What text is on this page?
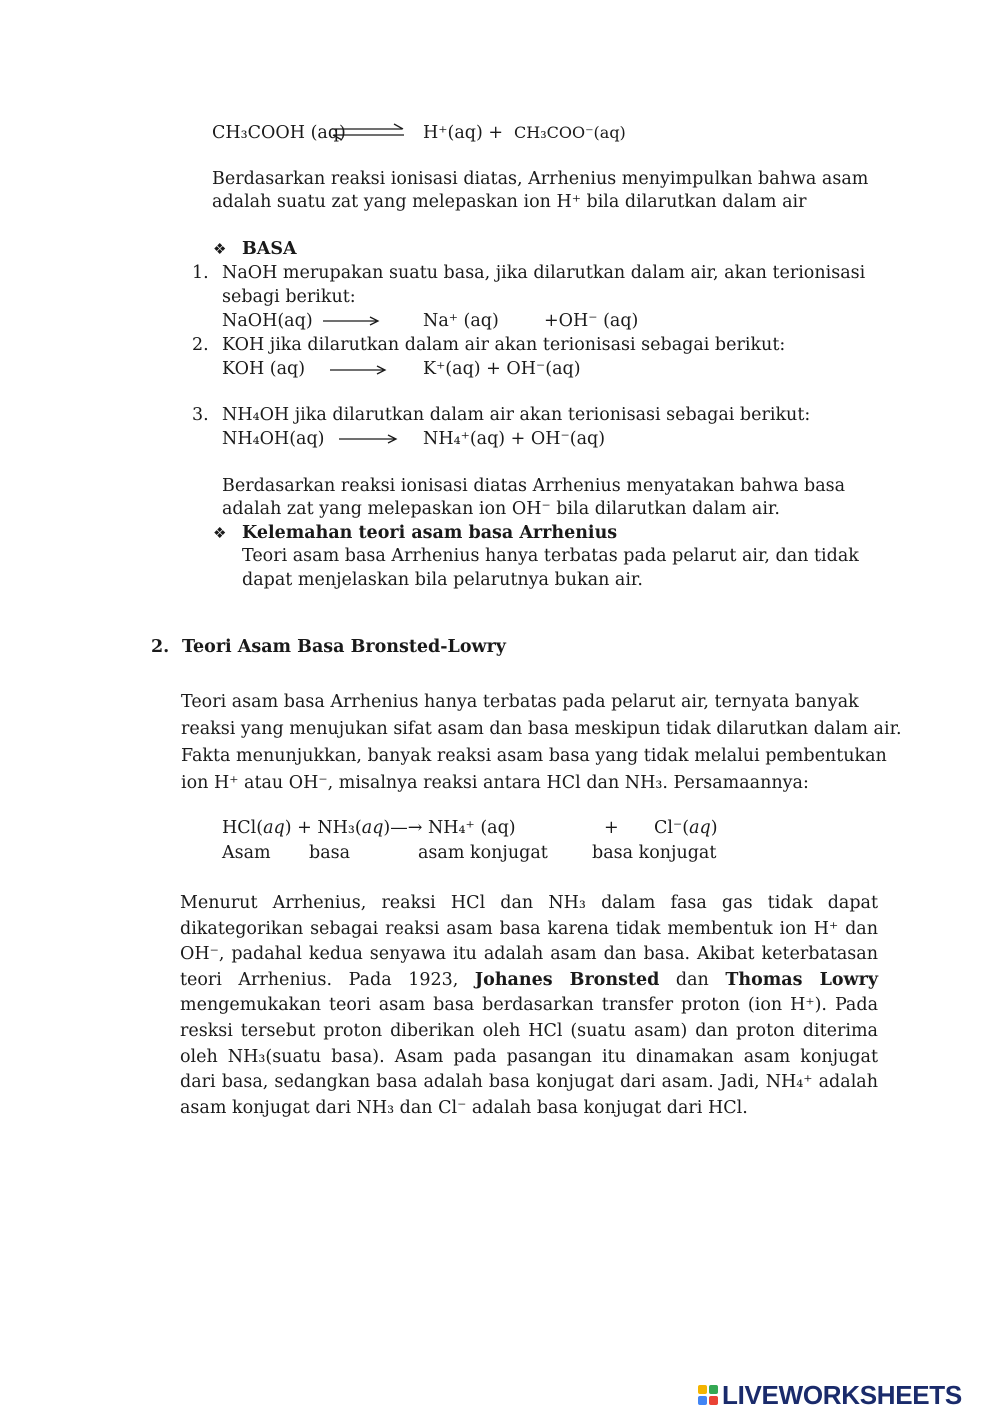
CH₃COOH (aq)	H⁺(aq) + CH₃COO⁻(aq)
Berdasarkan reaksi ionisasi diatas, Arrhenius menyimpulkan bahwa asam
adalah suatu zat yang melepaskan ion H⁺ bila dilarutkan dalam air
❖ BASA
1. NaOH merupakan suatu basa, jika dilarutkan dalam air, akan terionisasi
sebagi berikut:
NaOH(aq) → Na⁺ (aq)	+OH⁻ (aq)
2. KOH jika dilarutkan dalam air akan terionisasi sebagai berikut:
KOH (aq) → K⁺(aq) + OH⁻(aq)
3. NH₄OH jika dilarutkan dalam air akan terionisasi sebagai berikut:
NH₄OH(aq) → NH₄⁺(aq) + OH⁻(aq)
Berdasarkan reaksi ionisasi diatas Arrhenius menyatakan bahwa basa
adalah zat yang melepaskan ion OH⁻ bila dilarutkan dalam air.
❖ Kelemahan teori asam basa Arrhenius
Teori asam basa Arrhenius hanya terbatas pada pelarut air, dan tidak
dapat menjelaskan bila pelarutnya bukan air.
2. Teori Asam Basa Bronsted-Lowry
Teori asam basa Arrhenius hanya terbatas pada pelarut air, ternyata banyak
reaksi yang menujukan sifat asam dan basa meskipun tidak dilarutkan dalam air.
Fakta menunjukkan, banyak reaksi asam basa yang tidak melalui pembentukan
ion H⁺ atau OH⁻, misalnya reaksi antara HCl dan NH₃. Persamaannya:
HCl(aq) + NH₃(aq)—→ NH₄⁺ (aq)	+ Cl⁻(aq)
Asam basa	asam konjugat	basa konjugat
Menurut Arrhenius, reaksi HCl dan NH₃ dalam fasa gas tidak dapat dikategorikan sebagai reaksi asam basa karena tidak membentuk ion H⁺ dan OH⁻, padahal kedua senyawa itu adalah asam dan basa. Akibat keterbatasan teori Arrhenius. Pada 1923, Johanes Bronsted dan Thomas Lowry mengemukakan teori asam basa berdasarkan transfer proton (ion H⁺). Pada resksi tersebut proton diberikan oleh HCl (suatu asam) dan proton diterima oleh NH₃(suatu basa). Asam pada pasangan itu dinamakan asam konjugat dari basa, sedangkan basa adalah basa konjugat dari asam. Jadi, NH₄⁺ adalah asam konjugat dari NH₃ dan Cl⁻ adalah basa konjugat dari HCl.
LIVEWORKSHEETS
